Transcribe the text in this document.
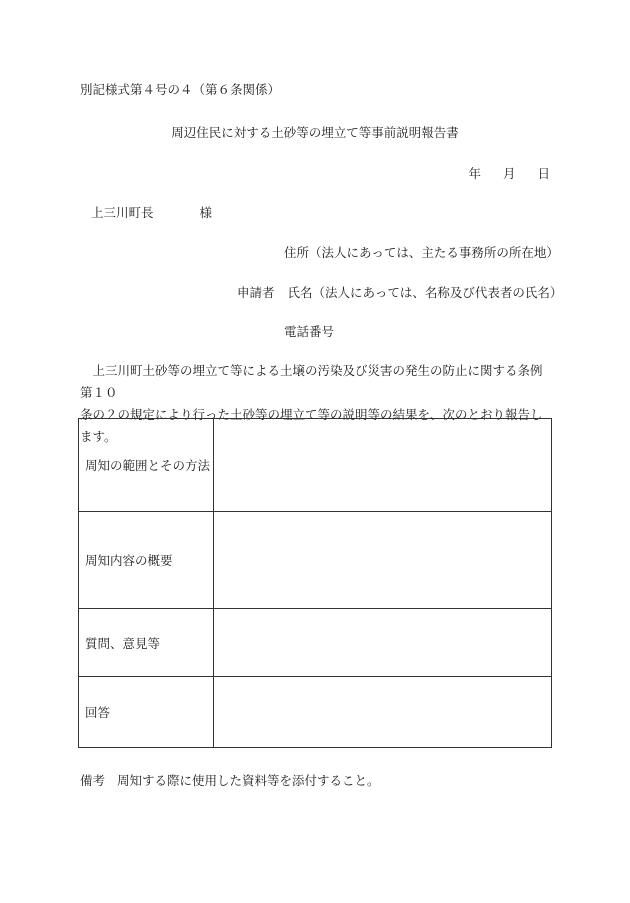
別記様式第４号の４（第６条関係）
周辺住民に対する土砂等の埋立て等事前説明報告書
年 月 日
上三川町長	様
住所（法人にあっては、主たる事務所の所在地）
申請者 氏名（法人にあっては、名称及び代表者の氏名）
電話番号

　上三川町土砂等の埋立て等による土壌の汚染及び災害の発生の防止に関する条例第１０

条の２の規定により行った土砂等の埋立て等の説明等の結果を、次のとおり報告します。

周知の範囲とその方法	
周知内容の概要	
質問、意見等	
回答	
備考 周知する際に使用した資料等を添付すること。
